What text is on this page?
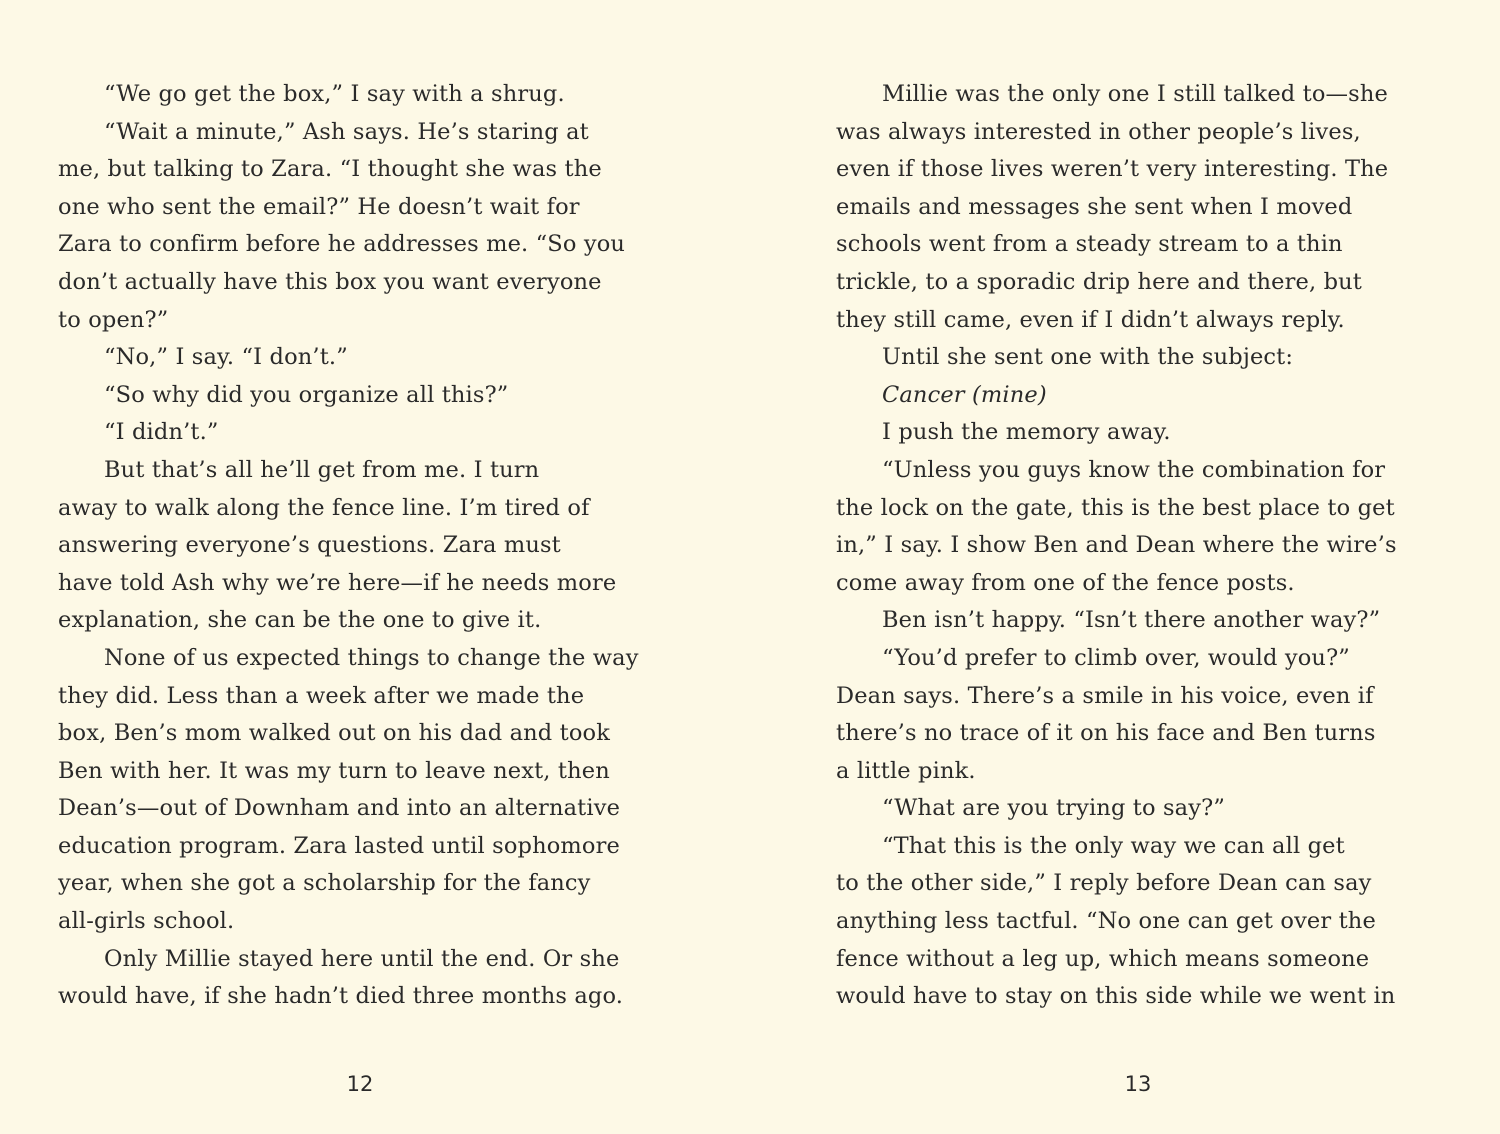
“We go get the box,” I say with a shrug.
“Wait a minute,” Ash says. He’s staring at
me, but talking to Zara. “I thought she was the
one who sent the email?” He doesn’t wait for
Zara to confirm before he addresses me. “So you
don’t actually have this box you want everyone
to open?”
“No,” I say. “I don’t.”
“So why did you organize all this?”
“I didn’t.”
But that’s all he’ll get from me. I turn
away to walk along the fence line. I’m tired of
answering everyone’s questions. Zara must
have told Ash why we’re here—if he needs more
explanation, she can be the one to give it.
None of us expected things to change the way
they did. Less than a week after we made the
box, Ben’s mom walked out on his dad and took
Ben with her. It was my turn to leave next, then
Dean’s—out of Downham and into an alternative
education program. Zara lasted until sophomore
year, when she got a scholarship for the fancy
all-girls school.
Only Millie stayed here until the end. Or she
would have, if she hadn’t died three months ago.
Millie was the only one I still talked to—she
was always interested in other people’s lives,
even if those lives weren’t very interesting. The
emails and messages she sent when I moved
schools went from a steady stream to a thin
trickle, to a sporadic drip here and there, but
they still came, even if I didn’t always reply.
Until she sent one with the subject:
Cancer (mine)
I push the memory away.
“Unless you guys know the combination for
the lock on the gate, this is the best place to get
in,” I say. I show Ben and Dean where the wire’s
come away from one of the fence posts.
Ben isn’t happy. “Isn’t there another way?”
“You’d prefer to climb over, would you?”
Dean says. There’s a smile in his voice, even if
there’s no trace of it on his face and Ben turns
a little pink.
“What are you trying to say?”
“That this is the only way we can all get
to the other side,” I reply before Dean can say
anything less tactful. “No one can get over the
fence without a leg up, which means someone
would have to stay on this side while we went in
12	13
